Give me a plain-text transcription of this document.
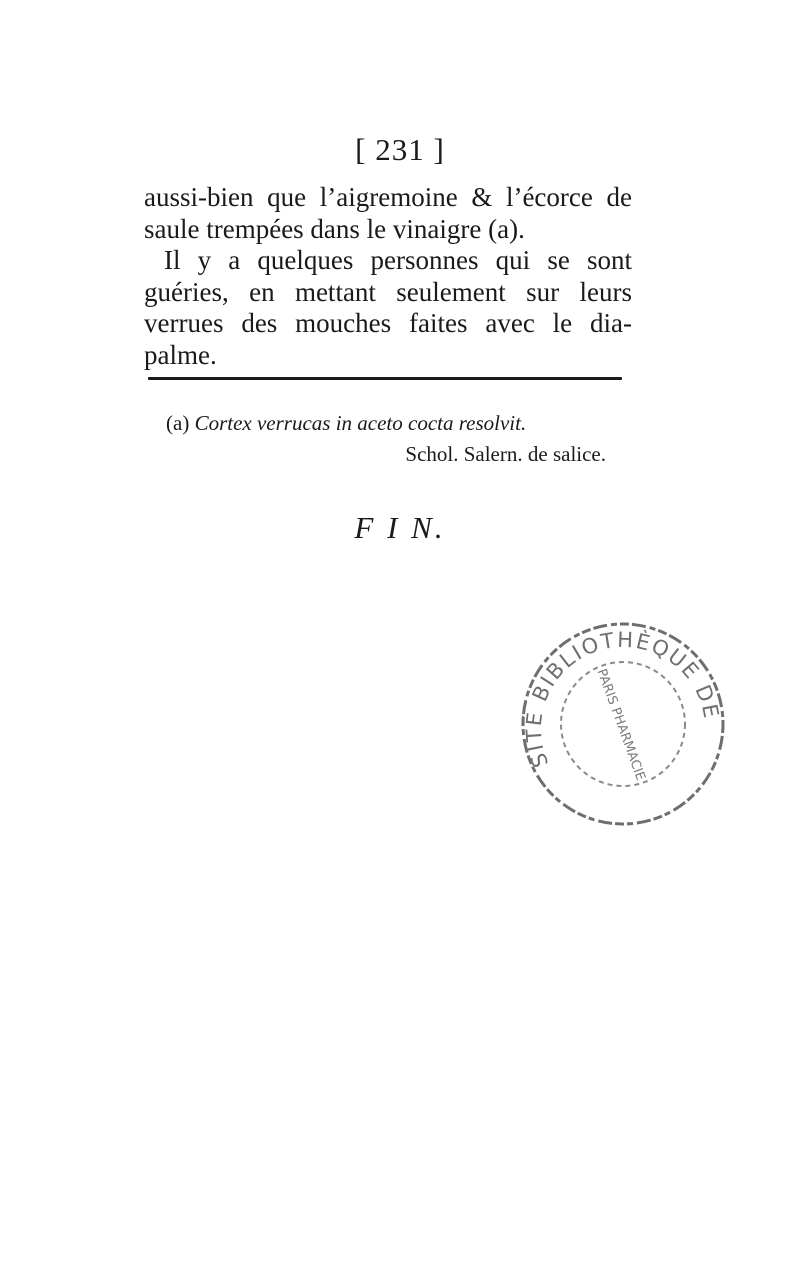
[ 231 ]
aussi-bien que l’aigremoine & l’écorce de
saule trempées dans le vinaigre (a).
Il y a quelques personnes qui se sont
guéries, en mettant seulement sur leurs
verrues des mouches faites avec le dia-
palme.
(a) Cortex verrucas in aceto cocta resolvit.
Schol. Salern. de salice.
F I N.
SITÉ BIBLIOTHÈQUE DE
PARIS PHARMACIE
